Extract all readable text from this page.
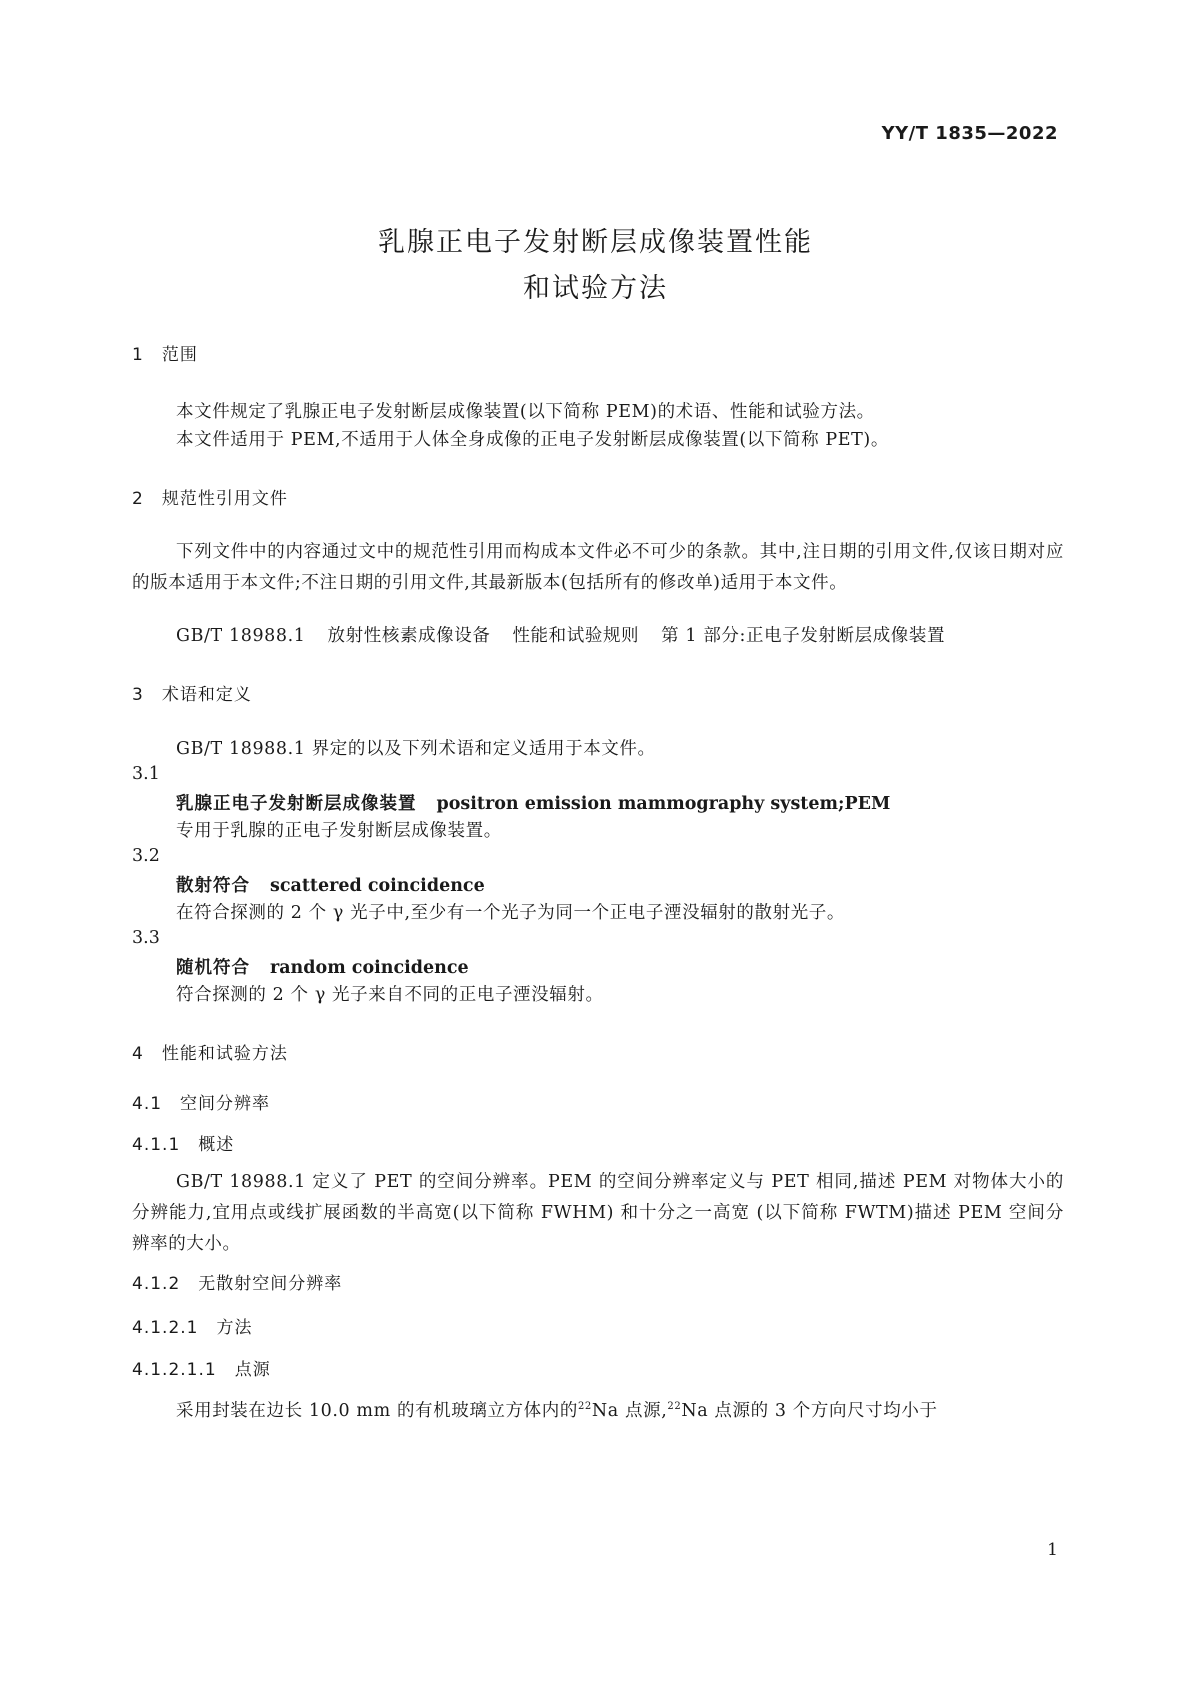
YY/T 1835—2022
乳腺正电子发射断层成像装置性能
和试验方法
1 范围
本文件规定了乳腺正电子发射断层成像装置(以下简称 PEM)的术语、性能和试验方法。
本文件适用于 PEM,不适用于人体全身成像的正电子发射断层成像装置(以下简称 PET)。
2 规范性引用文件
下列文件中的内容通过文中的规范性引用而构成本文件必不可少的条款。其中,注日期的引用文件,仅该日期对应的版本适用于本文件;不注日期的引用文件,其最新版本(包括所有的修改单)适用于本文件。
GB/T 18988.1 放射性核素成像设备 性能和试验规则 第 1 部分:正电子发射断层成像装置
3 术语和定义
GB/T 18988.1 界定的以及下列术语和定义适用于本文件。
3.1
乳腺正电子发射断层成像装置 positron emission mammography system;PEM
专用于乳腺的正电子发射断层成像装置。
3.2
散射符合 scattered coincidence
在符合探测的 2 个 γ 光子中,至少有一个光子为同一个正电子湮没辐射的散射光子。
3.3
随机符合 random coincidence
符合探测的 2 个 γ 光子来自不同的正电子湮没辐射。
4 性能和试验方法
4.1 空间分辨率
4.1.1 概述
GB/T 18988.1 定义了 PET 的空间分辨率。PEM 的空间分辨率定义与 PET 相同,描述 PEM 对物体大小的分辨能力,宜用点或线扩展函数的半高宽(以下简称 FWHM) 和十分之一高宽 (以下简称 FWTM)描述 PEM 空间分辨率的大小。
4.1.2 无散射空间分辨率
4.1.2.1 方法
4.1.2.1.1 点源
采用封装在边长 10.0 mm 的有机玻璃立方体内的$^{22}$Na 点源,$^{22}$Na 点源的 3 个方向尺寸均小于
1
